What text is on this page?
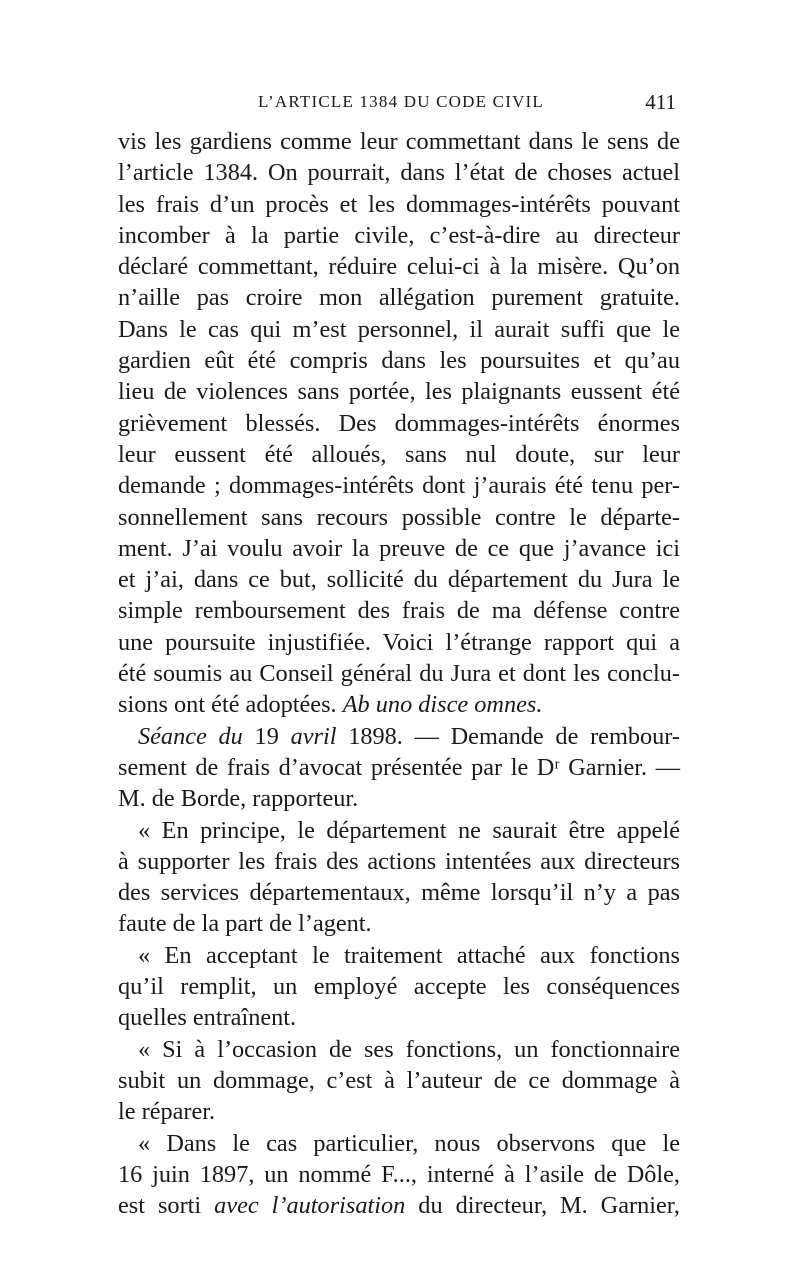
L’ARTICLE 1384 DU CODE CIVIL	411
vis les gardiens comme leur commettant dans le sens de
l’article 1384. On pourrait, dans l’état de choses actuel
les frais d’un procès et les dommages-intérêts pouvant
incomber à la partie civile, c’est-à-dire au directeur
déclaré commettant, réduire celui-ci à la misère. Qu’on
n’aille pas croire mon allégation purement gratuite.
Dans le cas qui m’est personnel, il aurait suffi que le
gardien eût été compris dans les poursuites et qu’au
lieu de violences sans portée, les plaignants eussent été
grièvement blessés. Des dommages-intérêts énormes
leur eussent été alloués, sans nul doute, sur leur
demande ; dommages-intérêts dont j’aurais été tenu per-
sonnellement sans recours possible contre le départe-
ment. J’ai voulu avoir la preuve de ce que j’avance ici
et j’ai, dans ce but, sollicité du département du Jura le
simple remboursement des frais de ma défense contre
une poursuite injustifiée. Voici l’étrange rapport qui a
été soumis au Conseil général du Jura et dont les conclu-
sions ont été adoptées. Ab uno disce omnes.
Séance du 19 avril 1898. — Demande de rembour-
sement de frais d’avocat présentée par le Dʳ Garnier. —
M. de Borde, rapporteur.
« En principe, le département ne saurait être appelé
à supporter les frais des actions intentées aux directeurs
des services départementaux, même lorsqu’il n’y a pas
faute de la part de l’agent.
« En acceptant le traitement attaché aux fonctions
qu’il remplit, un employé accepte les conséquences
quelles entraînent.
« Si à l’occasion de ses fonctions, un fonctionnaire
subit un dommage, c’est à l’auteur de ce dommage à
le réparer.
« Dans le cas particulier, nous observons que le
16 juin 1897, un nommé F..., interné à l’asile de Dôle,
est sorti avec l’autorisation du directeur, M. Garnier,
